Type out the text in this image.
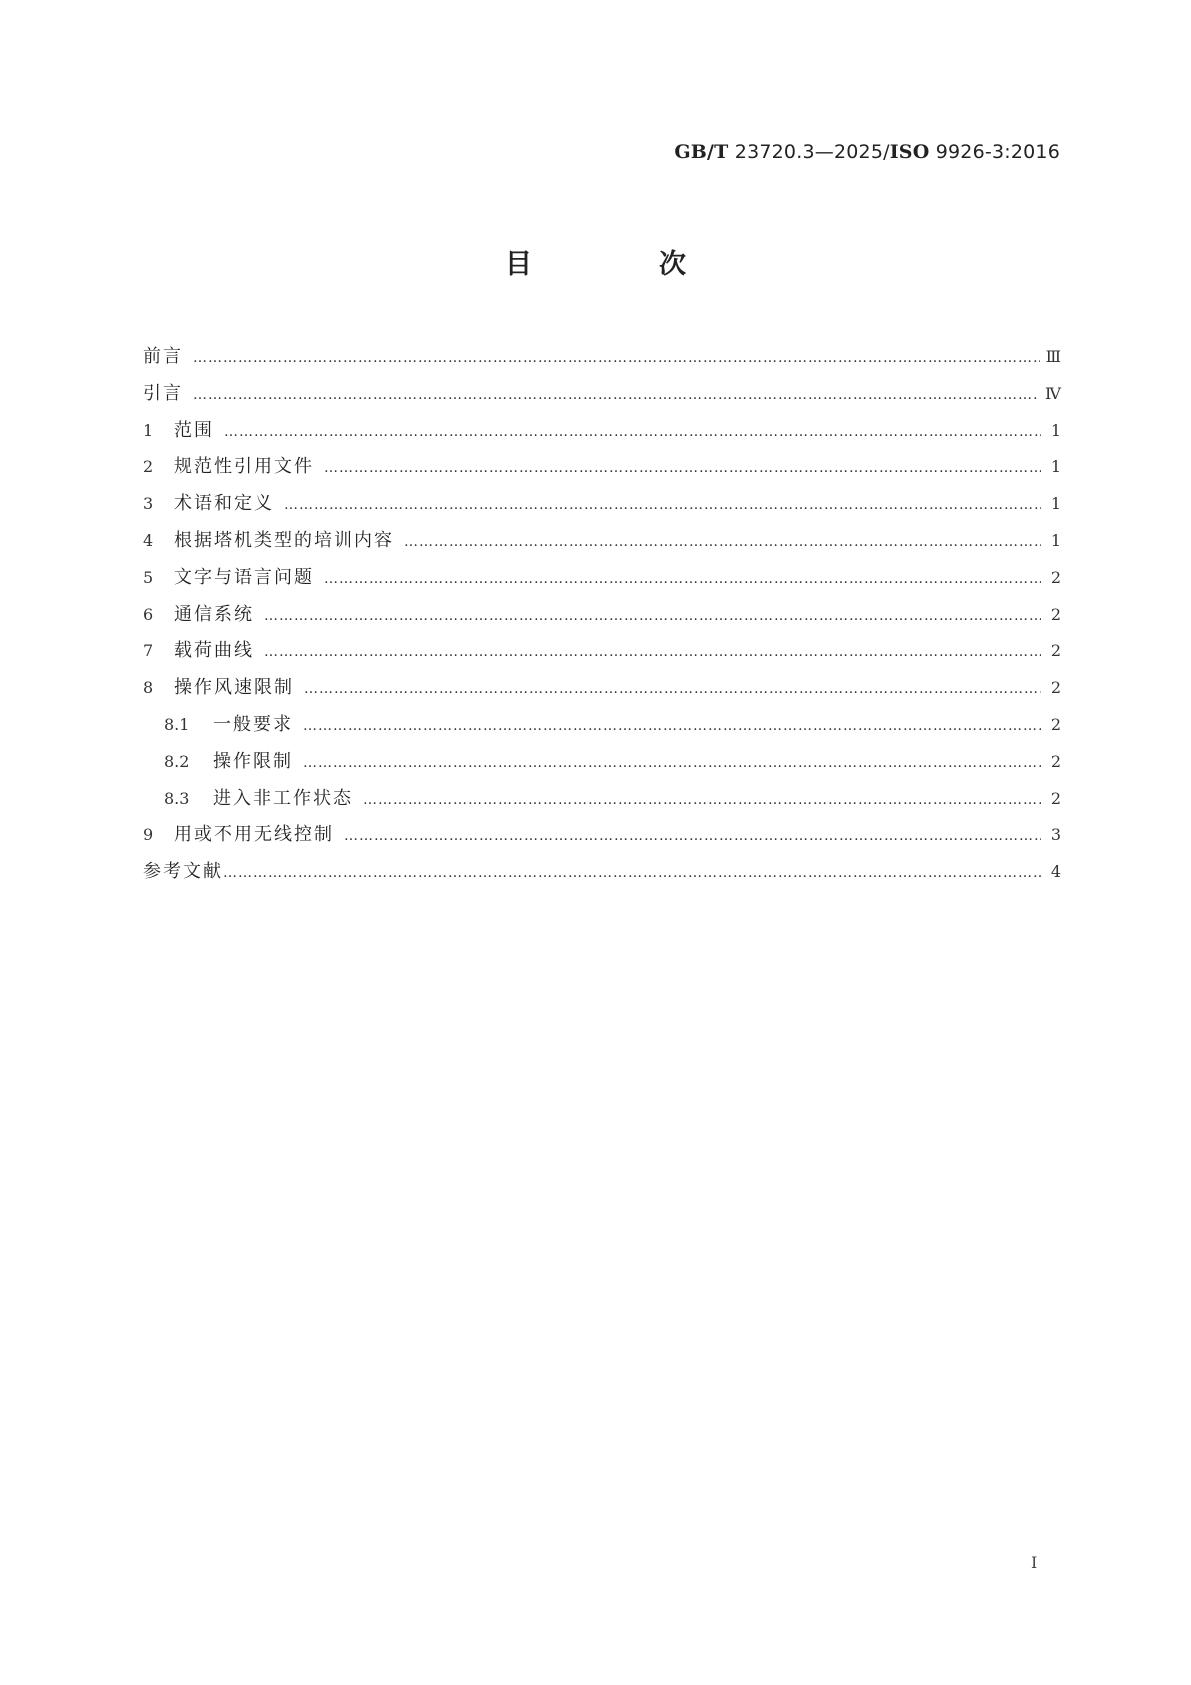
GB/T 23720.3—2025/ISO 9926-3:2016
目　次
前言 …………………………………………………………………………………………………………………………………………………………………………………………………………	Ⅲ
引言 …………………………………………………………………………………………………………………………………………………………………………………………………………	Ⅳ
1	范围 …………………………………………………………………………………………………………………………………………………………………………………………………………	1
2	规范性引用文件 …………………………………………………………………………………………………………………………………………………………………………………………………………	1
3	术语和定义 …………………………………………………………………………………………………………………………………………………………………………………………………………	1
4	根据塔机类型的培训内容 …………………………………………………………………………………………………………………………………………………………………………………………………………	1
5	文字与语言问题 …………………………………………………………………………………………………………………………………………………………………………………………………………	2
6	通信系统 …………………………………………………………………………………………………………………………………………………………………………………………………………	2
7	载荷曲线 …………………………………………………………………………………………………………………………………………………………………………………………………………	2
8	操作风速限制 …………………………………………………………………………………………………………………………………………………………………………………………………………	2
8.1	一般要求 …………………………………………………………………………………………………………………………………………………………………………………………………………	2
8.2	操作限制 …………………………………………………………………………………………………………………………………………………………………………………………………………	2
8.3	进入非工作状态 …………………………………………………………………………………………………………………………………………………………………………………………………………	2
9	用或不用无线控制 …………………………………………………………………………………………………………………………………………………………………………………………………………	3
参考文献 …………………………………………………………………………………………………………………………………………………………………………………………………………	4
Ⅰ
